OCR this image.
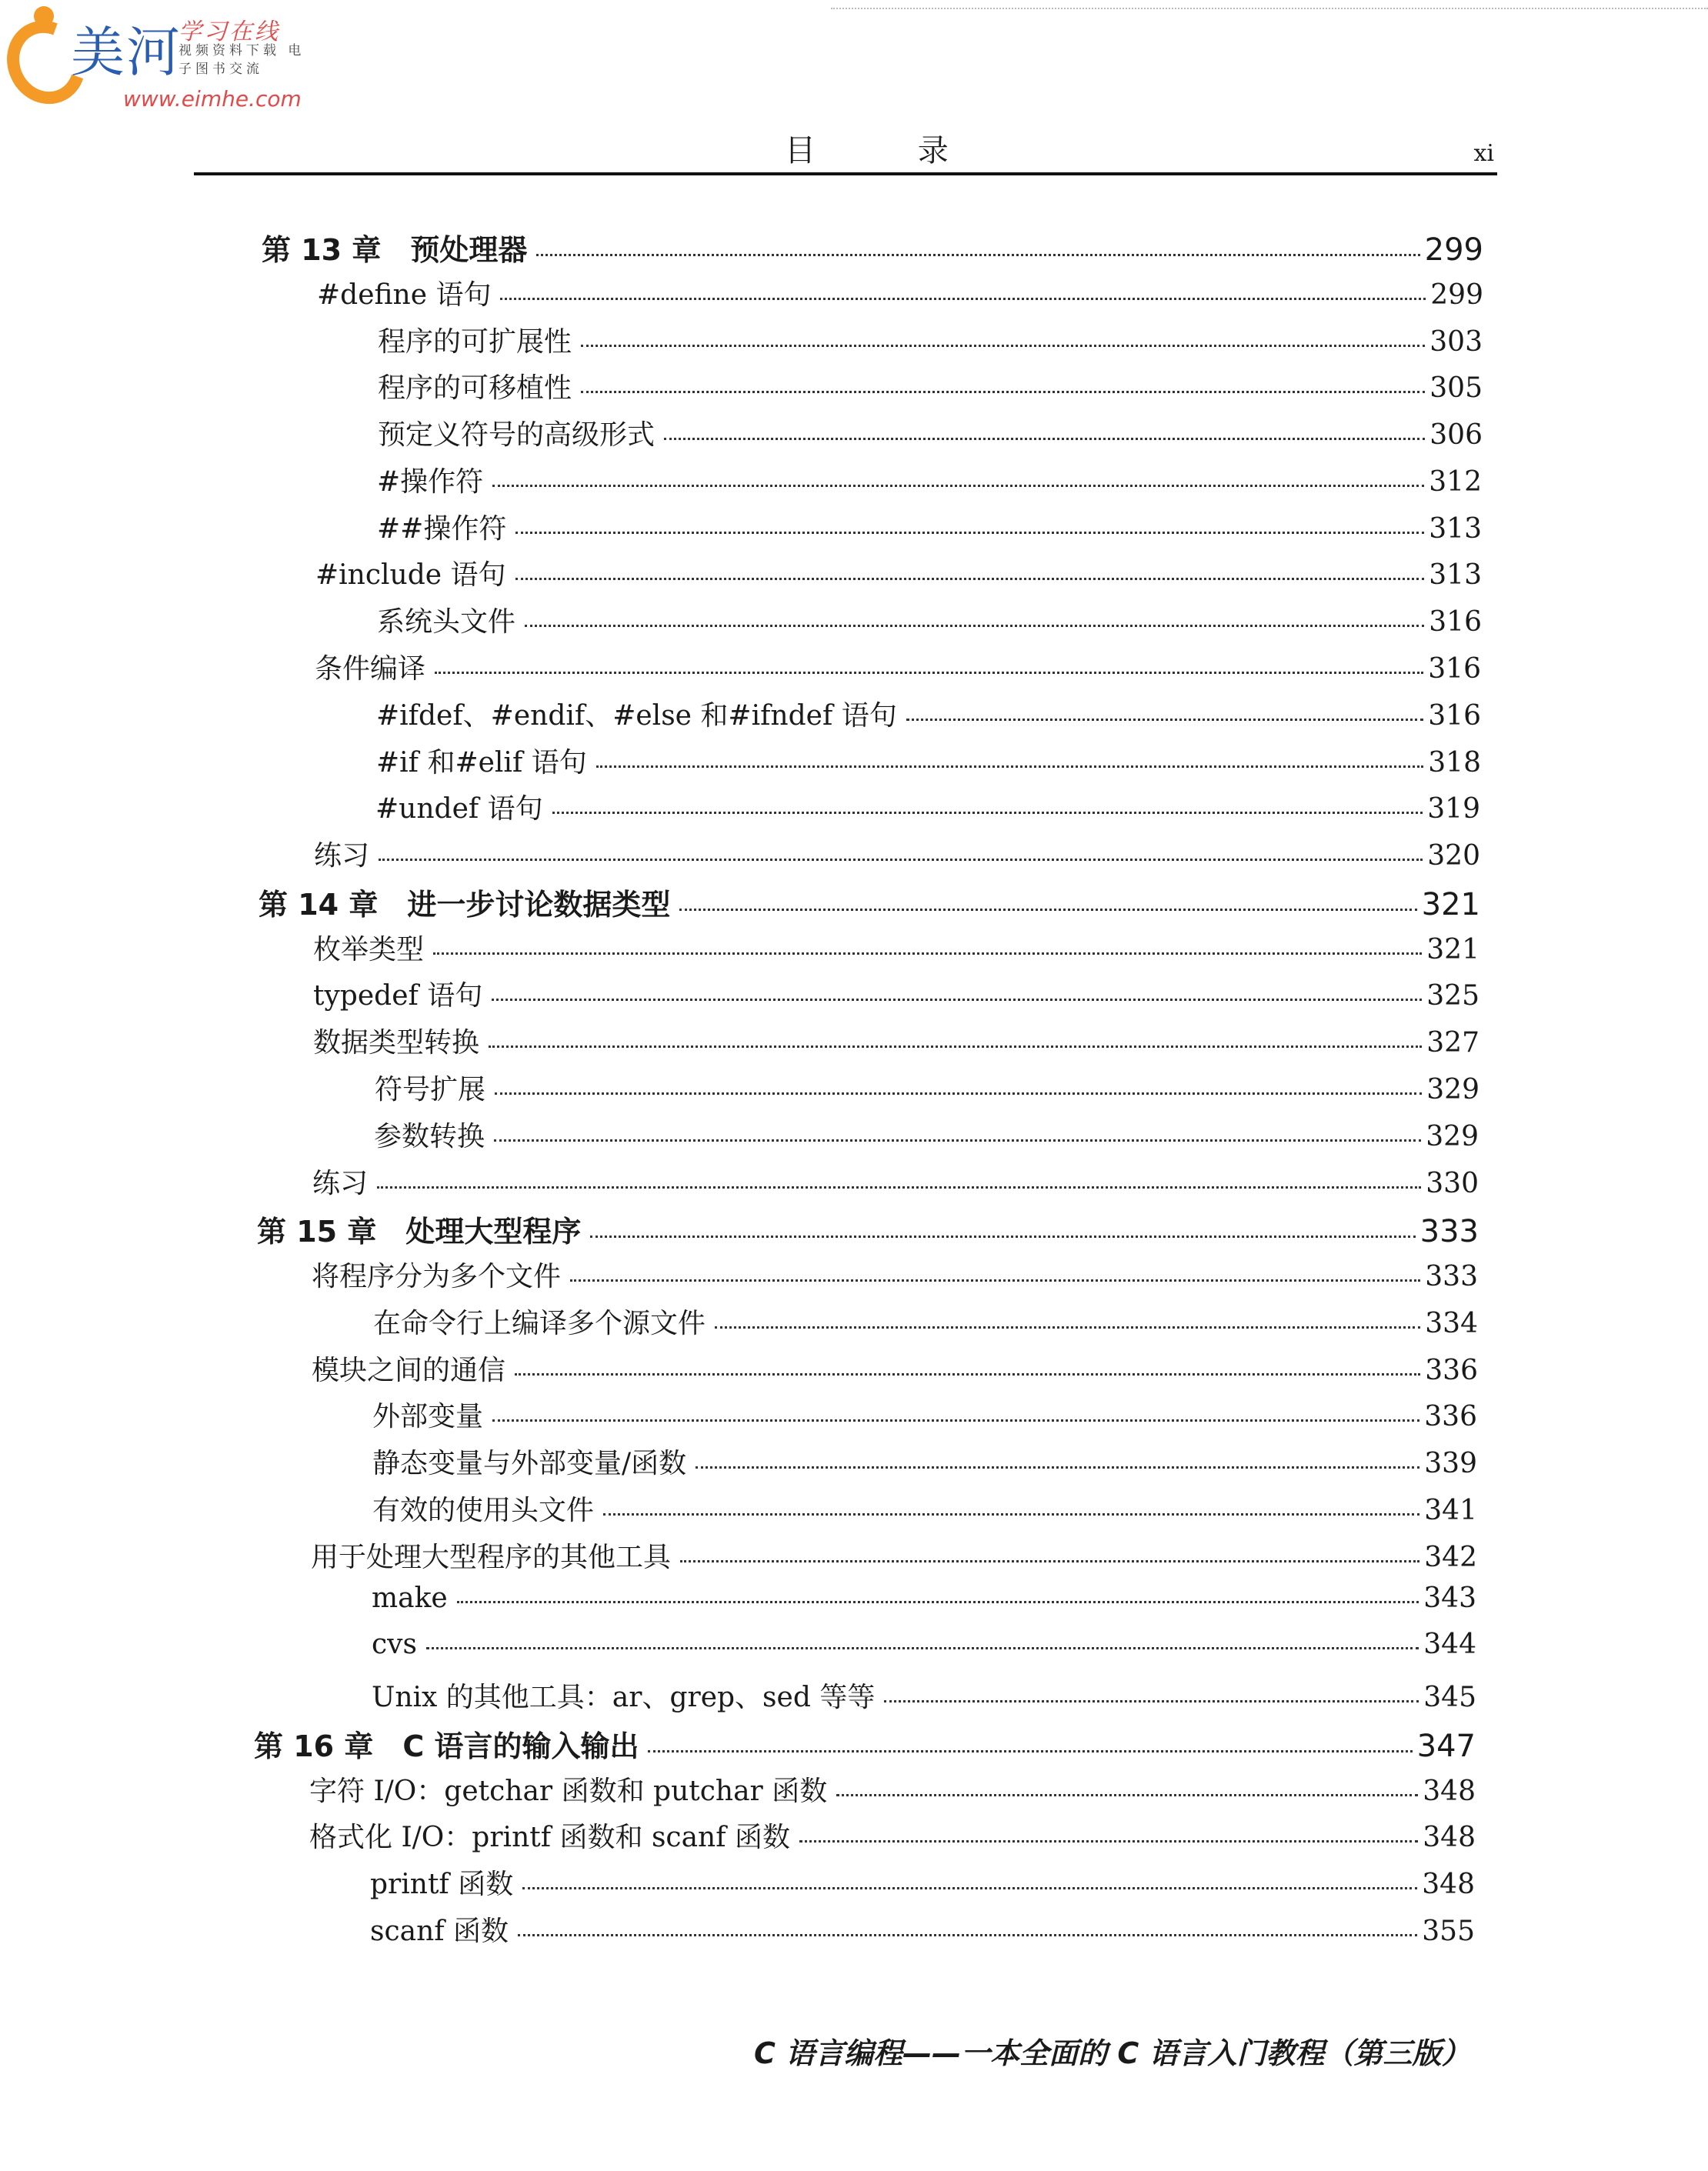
美河
学习在线
视频资料下载 电子图书交流
www.eimhe.com
目 录	xi
第 13 章　预处理器	299
#define 语句	299
程序的可扩展性	303
程序的可移植性	305
预定义符号的高级形式	306
#操作符	312
##操作符	313
#include 语句	313
系统头文件	316
条件编译	316
#ifdef、#endif、#else 和#ifndef 语句	316
#if 和#elif 语句	318
#undef 语句	319
练习	320
第 14 章　进一步讨论数据类型	321
枚举类型	321
typedef 语句	325
数据类型转换	327
符号扩展	329
参数转换	329
练习	330
第 15 章　处理大型程序	333
将程序分为多个文件	333
在命令行上编译多个源文件	334
模块之间的通信	336
外部变量	336
静态变量与外部变量/函数	339
有效的使用头文件	341
用于处理大型程序的其他工具	342
make	343
cvs	344
Unix 的其他工具：ar、grep、sed 等等	345
第 16 章　C 语言的输入输出	347
字符 I/O：getchar 函数和 putchar 函数	348
格式化 I/O：printf 函数和 scanf 函数	348
printf 函数	348
scanf 函数	355
C 语言编程——一本全面的 C 语言入门教程（第三版）
